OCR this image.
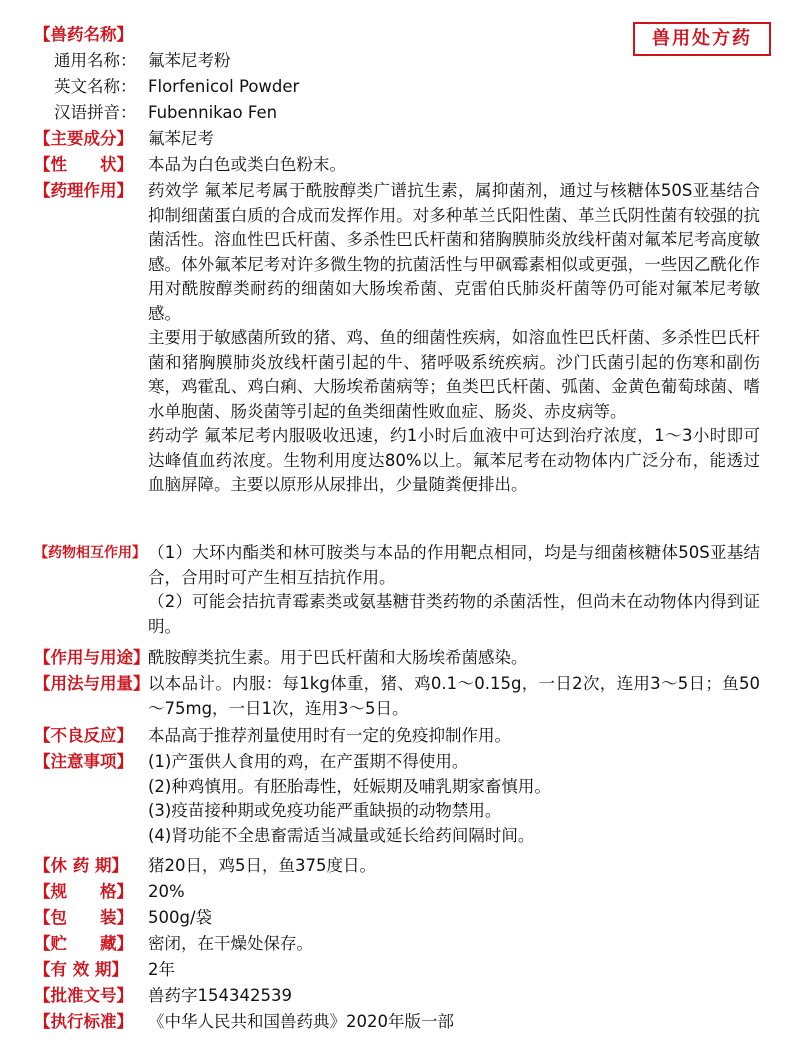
兽用处方药
【兽药名称】
通用名称： 氟苯尼考粉
英文名称： Florfenicol Powder
汉语拼音： Fubennikao Fen
【主要成分】 氟苯尼考
【性　　状】 本品为白色或类白色粉末。
【药理作用】 药效学 氟苯尼考属于酰胺醇类广谱抗生素，属抑菌剂，通过与核糖体50S亚基结合抑制细菌蛋白质的合成而发挥作用。对多种革兰氏阳性菌、革兰氏阴性菌有较强的抗菌活性。溶血性巴氏杆菌、多杀性巴氏杆菌和猪胸膜肺炎放线杆菌对氟苯尼考高度敏感。体外氟苯尼考对许多微生物的抗菌活性与甲砜霉素相似或更强，一些因乙酰化作用对酰胺醇类耐药的细菌如大肠埃希菌、克雷伯氏肺炎杆菌等仍可能对氟苯尼考敏感。

主要用于敏感菌所致的猪、鸡、鱼的细菌性疾病，如溶血性巴氏杆菌、多杀性巴氏杆菌和猪胸膜肺炎放线杆菌引起的牛、猪呼吸系统疾病。沙门氏菌引起的伤寒和副伤寒，鸡霍乱、鸡白痢、大肠埃希菌病等；鱼类巴氏杆菌、弧菌、金黄色葡萄球菌、嗜水单胞菌、肠炎菌等引起的鱼类细菌性败血症、肠炎、赤皮病等。

药动学 氟苯尼考内服吸收迅速，约1小时后血液中可达到治疗浓度，1～3小时即可达峰值血药浓度。生物利用度达80%以上。氟苯尼考在动物体内广泛分布，能透过血脑屏障。主要以原形从尿排出，少量随粪便排出。

【药物相互作用】 （1）大环内酯类和林可胺类与本品的作用靶点相同，均是与细菌核糖体50S亚基结合，合用时可产生相互拮抗作用。

（2）可能会拮抗青霉素类或氨基糖苷类药物的杀菌活性，但尚未在动物体内得到证明。

【作用与用途】
酰胺醇类抗生素。用于巴氏杆菌和大肠埃希菌感染。
【用法与用量】

以本品计。内服：每1kg体重，猪、鸡0.1～0.15g，一日2次，连用3～5日；鱼50～75mg，一日1次，连用3～5日。

【不良反应】 本品高于推荐剂量使用时有一定的免疫抑制作用。
【注意事项】 (1)产蛋供人食用的鸡，在产蛋期不得使用。

(2)种鸡慎用。有胚胎毒性，妊娠期及哺乳期家畜慎用。

(3)疫苗接种期或免疫功能严重缺损的动物禁用。

(4)肾功能不全患畜需适当减量或延长给药间隔时间。

【休 药 期】 猪20日，鸡5日，鱼375度日。
【规　　格】 20%
【包　　装】 500g/袋
【贮　　藏】 密闭，在干燥处保存。
【有 效 期】 2年
【批准文号】 兽药字154342539
【执行标准】 《中华人民共和国兽药典》2020年版一部
